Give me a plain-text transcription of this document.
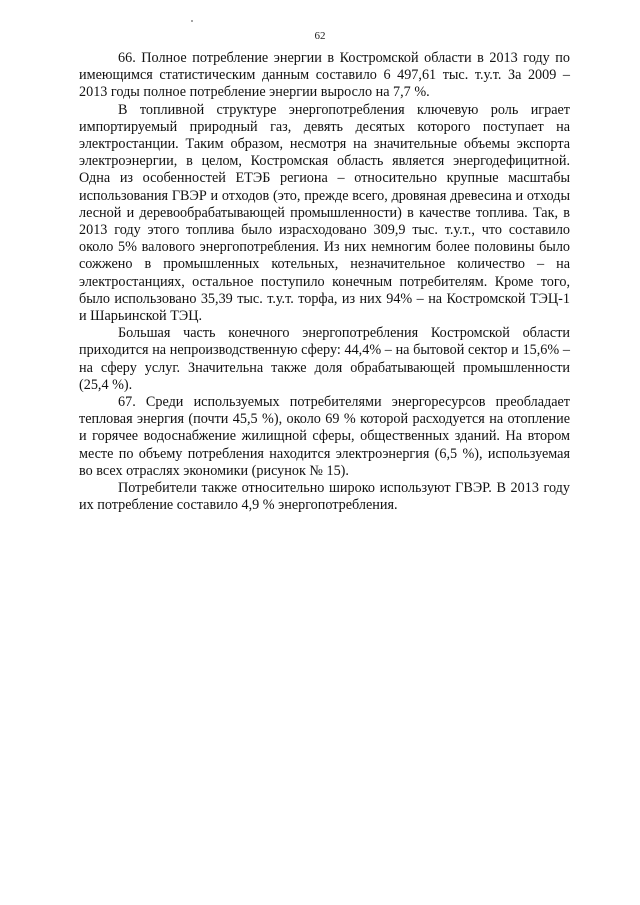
62

66. Полное потребление энергии в Костромской области в 2013 году по имеющимся статистическим данным составило 6 497,61 тыс. т.у.т. За 2009 – 2013 годы полное потребление энергии выросло на 7,7 %.

В топливной структуре энергопотребления ключевую роль играет импортируемый природный газ, девять десятых которого поступает на электростанции. Таким образом, несмотря на значительные объемы экспорта электроэнергии, в целом, Костромская область является энергодефицитной. Одна из особенностей ЕТЭБ региона – относительно крупные масштабы использования ГВЭР и отходов (это, прежде всего, дровяная древесина и отходы лесной и деревообрабатывающей промышленности) в качестве топлива. Так, в 2013 году этого топлива было израсходовано 309,9 тыс. т.у.т., что составило около 5% валового энергопотребления. Из них немногим более половины было сожжено в промышленных котельных, незначительное количество – на электростанциях, остальное поступило конечным потребителям. Кроме того, было использовано 35,39 тыс. т.у.т. торфа, из них 94% – на Костромской ТЭЦ-1 и Шарьинской ТЭЦ.

Большая часть конечного энергопотребления Костромской области приходится на непроизводственную сферу: 44,4% – на бытовой сектор и 15,6% – на сферу услуг. Значительна также доля обрабатывающей промышленности (25,4 %).

67. Среди используемых потребителями энергоресурсов преобладает тепловая энергия (почти 45,5 %), около 69 % которой расходуется на отопление и горячее водоснабжение жилищной сферы, общественных зданий. На втором месте по объему потребления находится электроэнергия (6,5 %), используемая во всех отраслях экономики (рисунок № 15).

Потребители также относительно широко используют ГВЭР. В 2013 году их потребление составило 4,9 % энергопотребления.
